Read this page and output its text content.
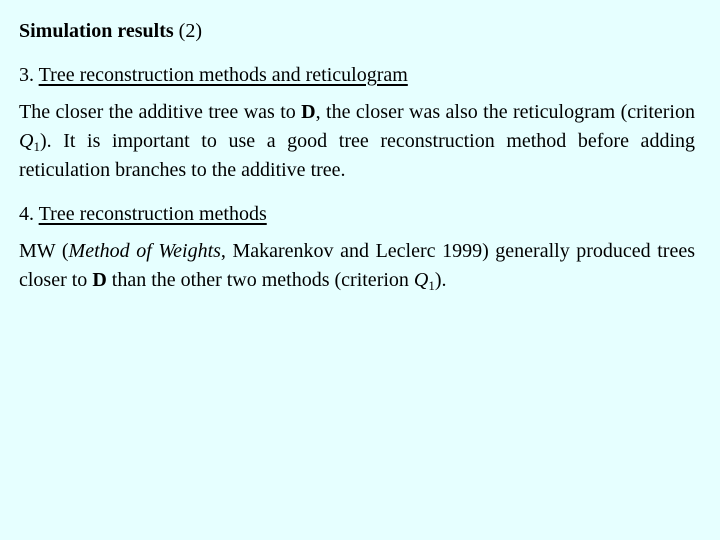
Simulation results (2)

3. Tree reconstruction methods and reticulogram

The closer the additive tree was to D, the closer was also the reticulogram (criterion $Q_1$). It is important to use a good tree reconstruction method before adding reticulation branches to the additive tree.

4. Tree reconstruction methods

MW (Method of Weights, Makarenkov and Leclerc 1999) generally produced trees closer to D than the other two methods (criterion $Q_1$).
